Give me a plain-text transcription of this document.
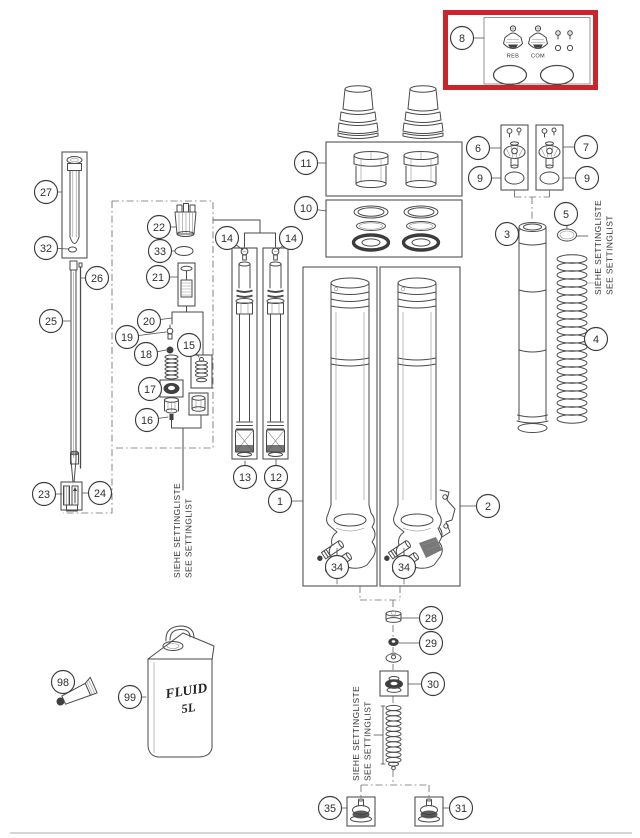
REB COM
SIEHE SETTINGLISTE SEE SETTINGLIST
SIEHE SETTINGLISTE SEE SETTINGLIST
SIEHE SETTINGLISTE SEE SETTINGLIST
FLUID
5L
8
11
10
6	7
9	9
5
3
4
27
32
26
25
23	24
22
33
21
20
19
18
15
17
16
14	14
13 12
1	2
34	34
28
29
30
35	31
98
99
